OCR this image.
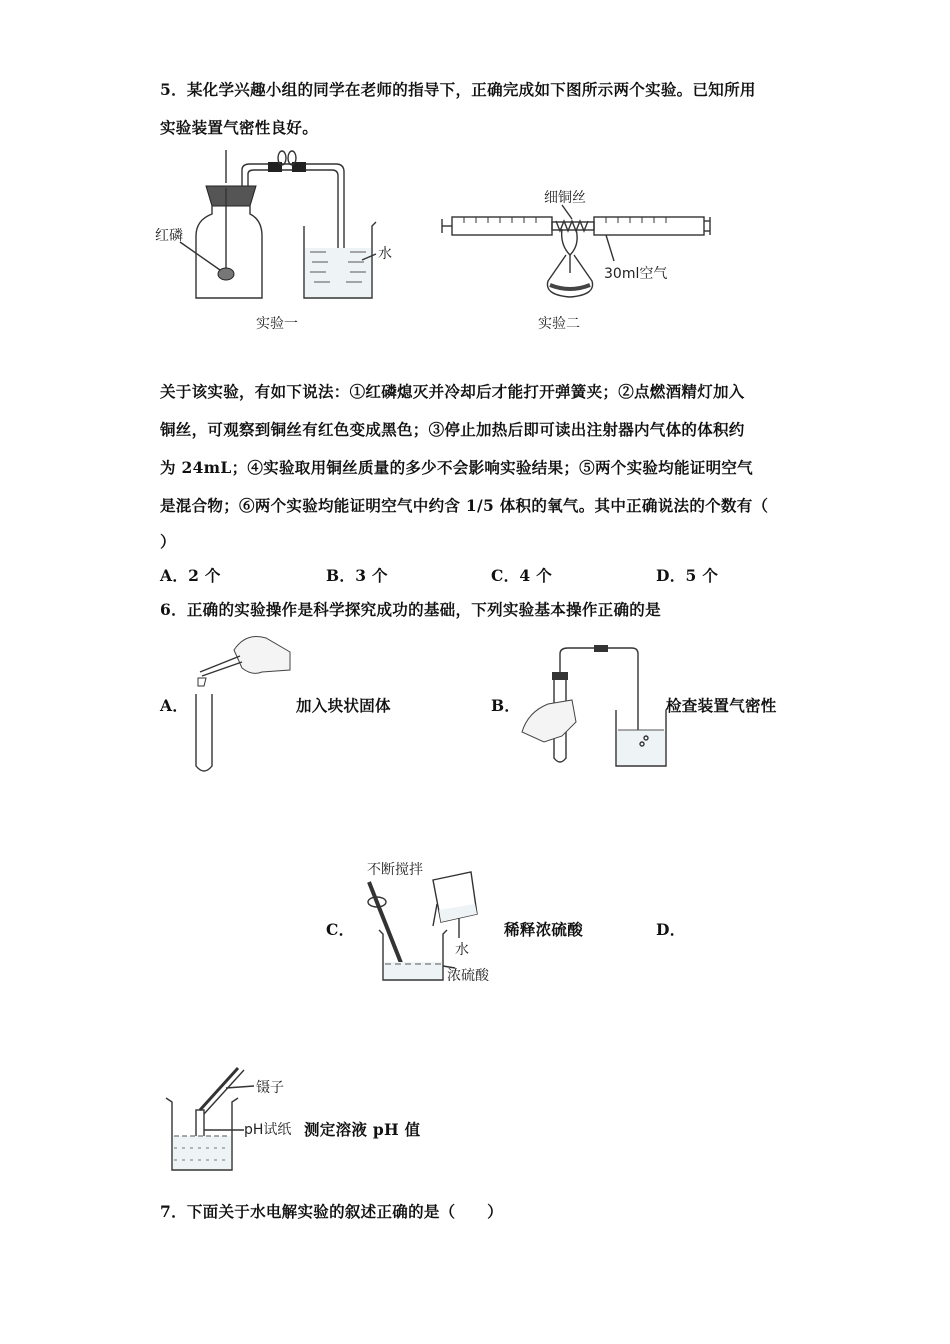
5．某化学兴趣小组的同学在老师的指导下，正确完成如下图所示两个实验。已知所用
实验装置气密性良好。
红磷
水
实验一
细铜丝
30ml空气
实验二
关于该实验，有如下说法：①红磷熄灭并冷却后才能打开弹簧夹；②点燃酒精灯加入
铜丝，可观察到铜丝有红色变成黑色；③停止加热后即可读出注射器内气体的体积约
为 24mL；④实验取用铜丝质量的多少不会影响实验结果；⑤两个实验均能证明空气
是混合物；⑥两个实验均能证明空气中约含 1/5 体积的氧气。其中正确说法的个数有（
）
A．2 个	B．3 个	C．4 个	D．5 个
6．正确的实验操作是科学探究成功的基础，下列实验基本操作正确的是
A．	加入块状固体	B．	检查装置气密性
C．
不断搅拌
水
浓硫酸
稀释浓硫酸	D．
镊子
pH试纸 测定溶液 pH 值
7．下面关于水电解实验的叙述正确的是（　　）
